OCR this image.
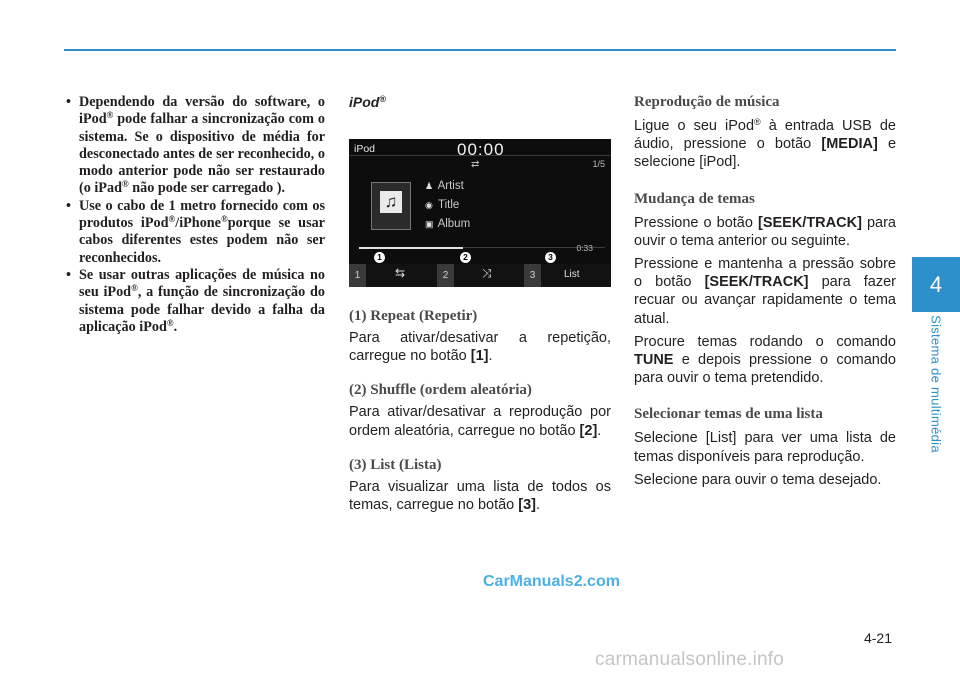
4
Sistema de multimédia
• Dependendo da versão do software, o iPod® pode falhar a sincronização com o sistema. Se o dispositivo de média for desconectado antes de ser reconhecido, o modo anterior pode não ser restaurado (o iPad® não pode ser carregado ).
• Use o cabo de 1 metro fornecido com os produtos iPod®/iPhone®porque se usar cabos diferentes estes podem não ser reconhecidos.
• Se usar outras aplicações de música no seu iPod®, a função de sincronização do sistema pode falhar devido a falha da aplicação iPod®.

iPod®

iPod	00:00
⇄	1/5
♫
♟ Artist
◉ Title
▣ Album
0:33
1	2	3
⇆	⤨	List
1	2	3

(1) Repeat (Repetir)

Para ativar/desativar a repetição, carregue no botão [1].

(2) Shuffle (ordem aleatória)

Para ativar/desativar a reprodução por ordem aleatória, carregue no botão [2].

(3) List (Lista)

Para visualizar uma lista de todos os temas, carregue no botão [3].

Reprodução de música

Ligue o seu iPod® à entrada USB de áudio, pressione o botão [MEDIA] e selecione [iPod].

Mudança de temas

Pressione o botão [SEEK/TRACK] para ouvir o tema anterior ou seguinte.

Pressione e mantenha a pressão sobre o botão [SEEK/TRACK] para fazer recuar ou avançar rapidamente o tema atual.

Procure temas rodando o comando TUNE e depois pressione o comando para ouvir o tema pretendido.

Selecionar temas de uma lista

Selecione [List] para ver uma lista de temas disponíveis para reprodução.

Selecione para ouvir o tema desejado.

CarManuals2.com
4-21
carmanualsonline.info
